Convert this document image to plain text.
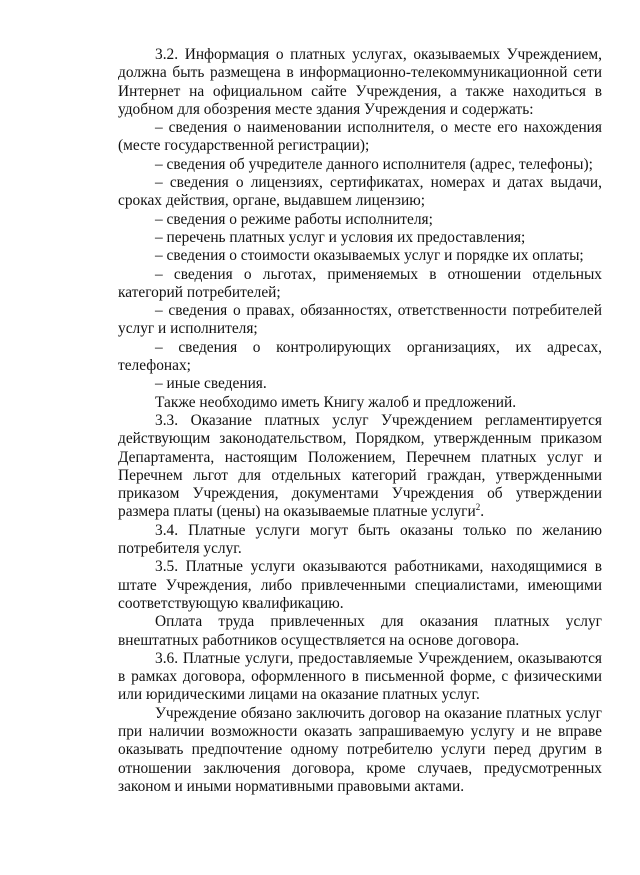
3.2. Информация о платных услугах, оказываемых Учреждением, должна быть размещена в информационно-телекоммуникационной сети Интернет на официальном сайте Учреждения, а также находиться в удобном для обозрения месте здания Учреждения и содержать:

– сведения о наименовании исполнителя, о месте его нахождения (месте государственной регистрации);

– сведения об учредителе данного исполнителя (адрес, телефоны);

– сведения о лицензиях, сертификатах, номерах и датах выдачи, сроках действия, органе, выдавшем лицензию;

– сведения о режиме работы исполнителя;

– перечень платных услуг и условия их предоставления;

– сведения о стоимости оказываемых услуг и порядке их оплаты;

– сведения о льготах, применяемых в отношении отдельных категорий потребителей;

– сведения о правах, обязанностях, ответственности потребителей услуг и исполнителя;

– сведения о контролирующих организациях, их адресах, телефонах;

– иные сведения.

Также необходимо иметь Книгу жалоб и предложений.

3.3. Оказание платных услуг Учреждением регламентируется действующим законодательством, Порядком, утвержденным приказом Департамента, настоящим Положением, Перечнем платных услуг и Перечнем льгот для отдельных категорий граждан, утвержденными приказом Учреждения, документами Учреждения об утверждении размера платы (цены) на оказываемые платные услуги$^2$.

3.4. Платные услуги могут быть оказаны только по желанию потребителя услуг.

3.5. Платные услуги оказываются работниками, находящимися в штате Учреждения, либо привлеченными специалистами, имеющими соответствующую квалификацию.

Оплата труда привлеченных для оказания платных услуг внештатных работников осуществляется на основе договора.

3.6. Платные услуги, предоставляемые Учреждением, оказываются в рамках договора, оформленного в письменной форме, с физическими или юридическими лицами на оказание платных услуг.

Учреждение обязано заключить договор на оказание платных услуг при наличии возможности оказать запрашиваемую услугу и не вправе оказывать предпочтение одному потребителю услуги перед другим в отношении заключения договора, кроме случаев, предусмотренных законом и иными нормативными правовыми актами.
